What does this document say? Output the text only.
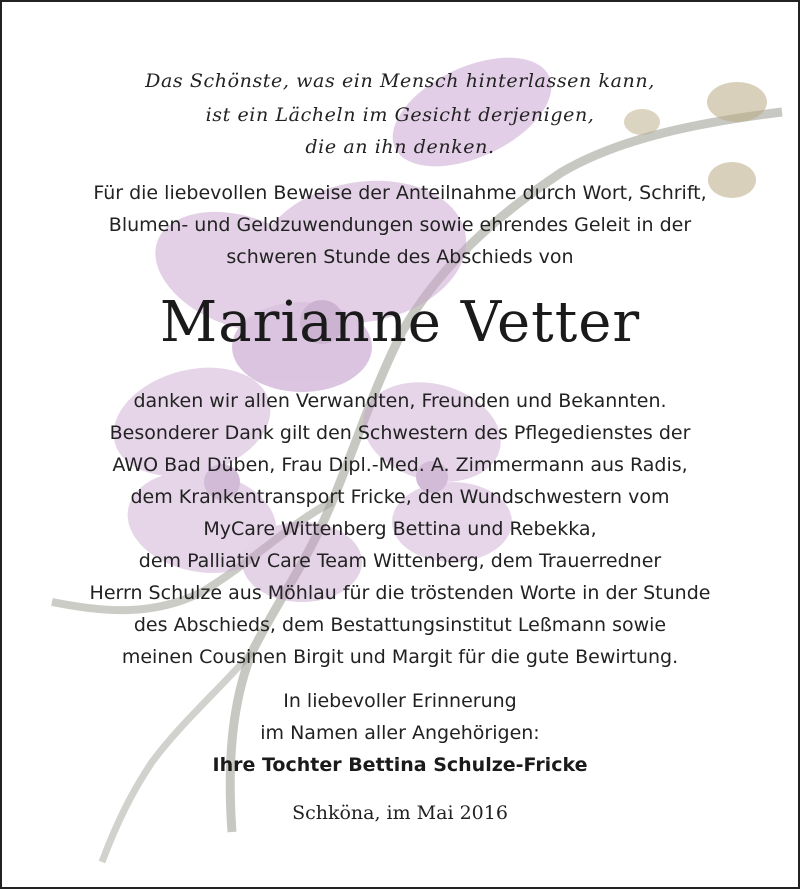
Das Schönste, was ein Mensch hinterlassen kann,
ist ein Lächeln im Gesicht derjenigen,
die an ihn denken.
Für die liebevollen Beweise der Anteilnahme durch Wort, Schrift,
Blumen- und Geldzuwendungen sowie ehrendes Geleit in der
schweren Stunde des Abschieds von
Marianne Vetter
danken wir allen Verwandten, Freunden und Bekannten.
Besonderer Dank gilt den Schwestern des Pflegedienstes der
AWO Bad Düben, Frau Dipl.-Med. A. Zimmermann aus Radis,
dem Krankentransport Fricke, den Wundschwestern vom
MyCare Wittenberg Bettina und Rebekka,
dem Palliativ Care Team Wittenberg, dem Trauerredner
Herrn Schulze aus Möhlau für die tröstenden Worte in der Stunde
des Abschieds, dem Bestattungsinstitut Leßmann sowie
meinen Cousinen Birgit und Margit für die gute Bewirtung.
In liebevoller Erinnerung
im Namen aller Angehörigen:
Ihre Tochter Bettina Schulze-Fricke
Schköna, im Mai 2016
